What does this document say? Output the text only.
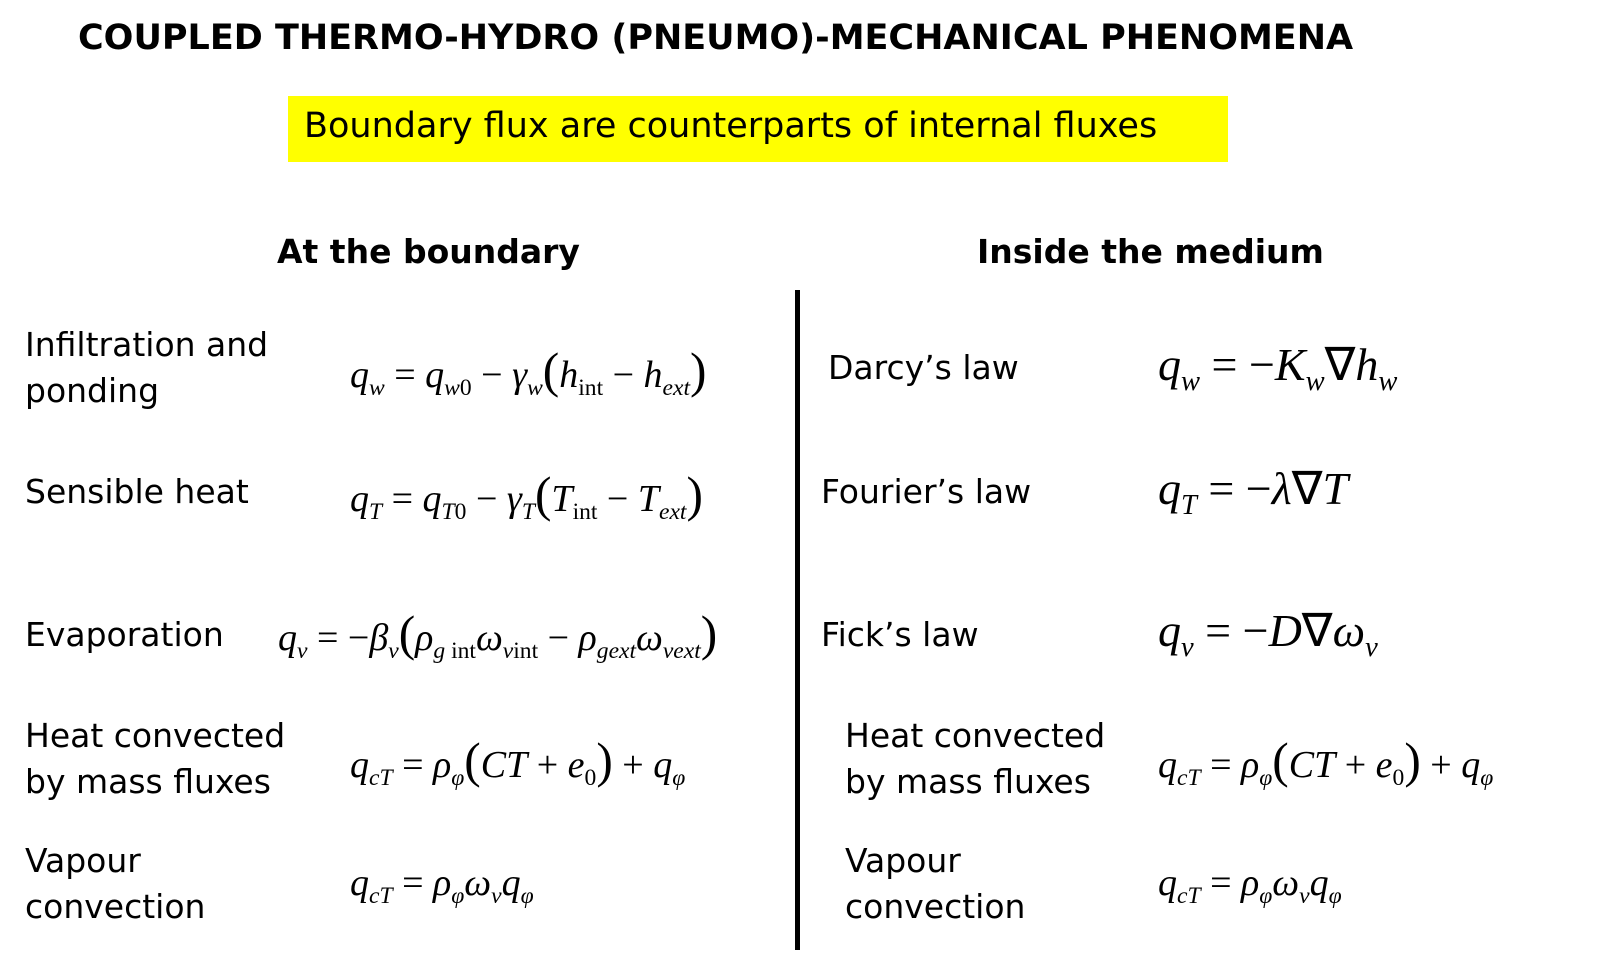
COUPLED THERMO-HYDRO (PNEUMO)-MECHANICAL PHENOMENA
Boundary flux are counterparts of internal fluxes
At the boundary	Inside the medium
Infiltration and
ponding
Sensible heat
Evaporation
Heat convected
by mass fluxes
Vapour
convection
$q_w = q_{w0} - \gamma_w(h_{int} - h_{ext})$
$q_T = q_{T0} - \gamma_T(T_{int} - T_{ext})$
$q_v = -\beta_v(\rho_{g int}\omega_{vint} - \rho_{gext}\omega_{vext})$
$q_{cT} = \rho_\varphi(CT + e_0) + q_\varphi$
$q_{cT} = \rho_\varphi\omega_vq_\varphi$
Darcy’s law
Fourier’s law
Fick’s law
Heat convected
by mass fluxes
Vapour
convection
$q_w = -K_w\nabla h_w$
$q_T = -\lambda\nabla T$
$q_v = -D\nabla\omega_v$
$q_{cT} = \rho_\varphi(CT + e_0) + q_\varphi$
$q_{cT} = \rho_\varphi\omega_vq_\varphi$
